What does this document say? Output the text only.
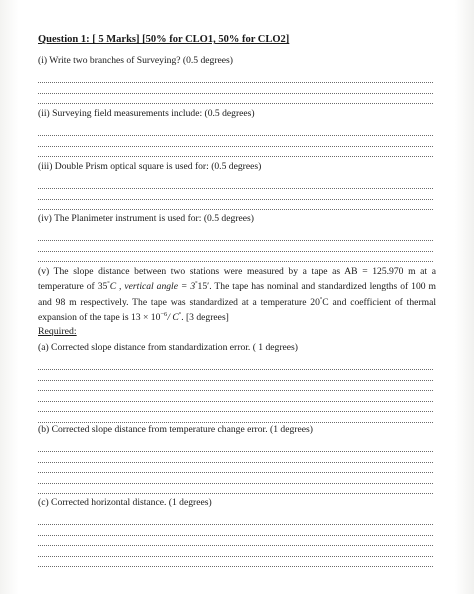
Question 1: [ 5 Marks] [50% for CLO1, 50% for CLO2]

(i) Write two branches of Surveying? (0.5 degrees)

(ii) Surveying field measurements include: (0.5 degrees)

(iii) Double Prism optical square is used for: (0.5 degrees)

(iv) The Planimeter instrument is used for: (0.5 degrees)

(v) The slope distance between two stations were measured by a tape as AB = 125.970 m at a temperature of 35°C , vertical angle = 3°15′. The tape has nominal and standardized lengths of 100 m and 98 m respectively. The tape was standardized at a temperature 20°C and coefficient of thermal expansion of the tape is $13 \times 10^{-6}/$ C°. [3 degrees]

Required:

(a) Corrected slope distance from standardization error. ( 1 degrees)

(b) Corrected slope distance from temperature change error. (1 degrees)

(c) Corrected horizontal distance. (1 degrees)
